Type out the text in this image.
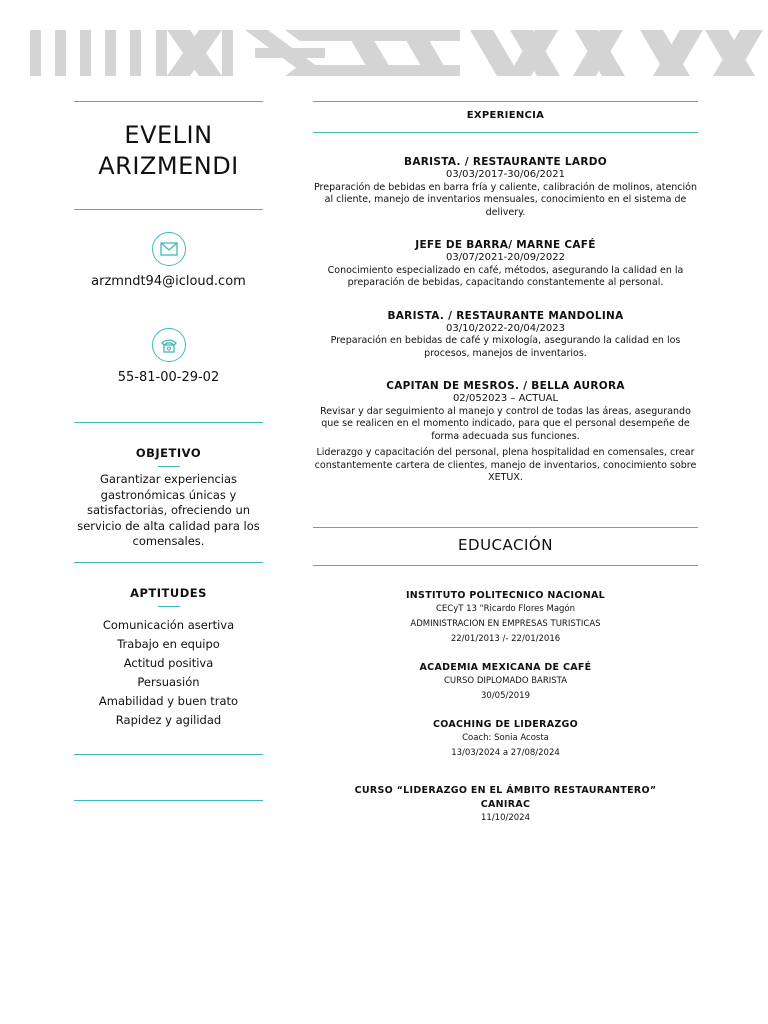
EVELIN
ARIZMENDI
arzmndt94@icloud.com
55-81-00-29-02
OBJETIVO
Garantizar experiencias gastronómicas únicas y satisfactorias, ofreciendo un servicio de alta calidad para los comensales.
APTITUDES
Comunicación asertiva
Trabajo en equipo
Actitud positiva
Persuasión
Amabilidad y buen trato
Rapidez y agilidad
EXPERIENCIA
BARISTA. / RESTAURANTE LARDO
03/03/2017-30/06/2021
Preparación de bebidas en barra fría y caliente, calibración de molinos, atención al cliente, manejo de inventarios mensuales, conocimiento en el sistema de delivery.
JEFE DE BARRA/ MARNE CAFÉ
03/07/2021-20/09/2022
Conocimiento especializado en café, métodos, asegurando la calidad en la preparación de bebidas, capacitando constantemente al personal.
BARISTA. / RESTAURANTE MANDOLINA
03/10/2022-20/04/2023
Preparación en bebidas de café y mixología, asegurando la calidad en los procesos, manejos de inventarios.
CAPITAN DE MESROS. / BELLA AURORA
02/052023 – ACTUAL
Revisar y dar seguimiento al manejo y control de todas las áreas, asegurando que se realicen en el momento indicado, para que el personal desempeñe de forma adecuada sus funciones.
Liderazgo y capacitación del personal, plena hospitalidad en comensales, crear constantemente cartera de clientes, manejo de inventarios, conocimiento sobre XETUX.
EDUCACIÓN
INSTITUTO POLITECNICO NACIONAL
CECyT 13 "Ricardo Flores Magón
ADMINISTRACION EN EMPRESAS TURISTICAS
22/01/2013 /- 22/01/2016
ACADEMIA MEXICANA DE CAFÉ
CURSO DIPLOMADO BARISTA
30/05/2019
COACHING DE LIDERAZGO
Coach: Sonia Acosta
13/03/2024 a 27/08/2024
CURSO “LIDERAZGO EN EL ÁMBITO RESTAURANTERO”
CANIRAC
11/10/2024
